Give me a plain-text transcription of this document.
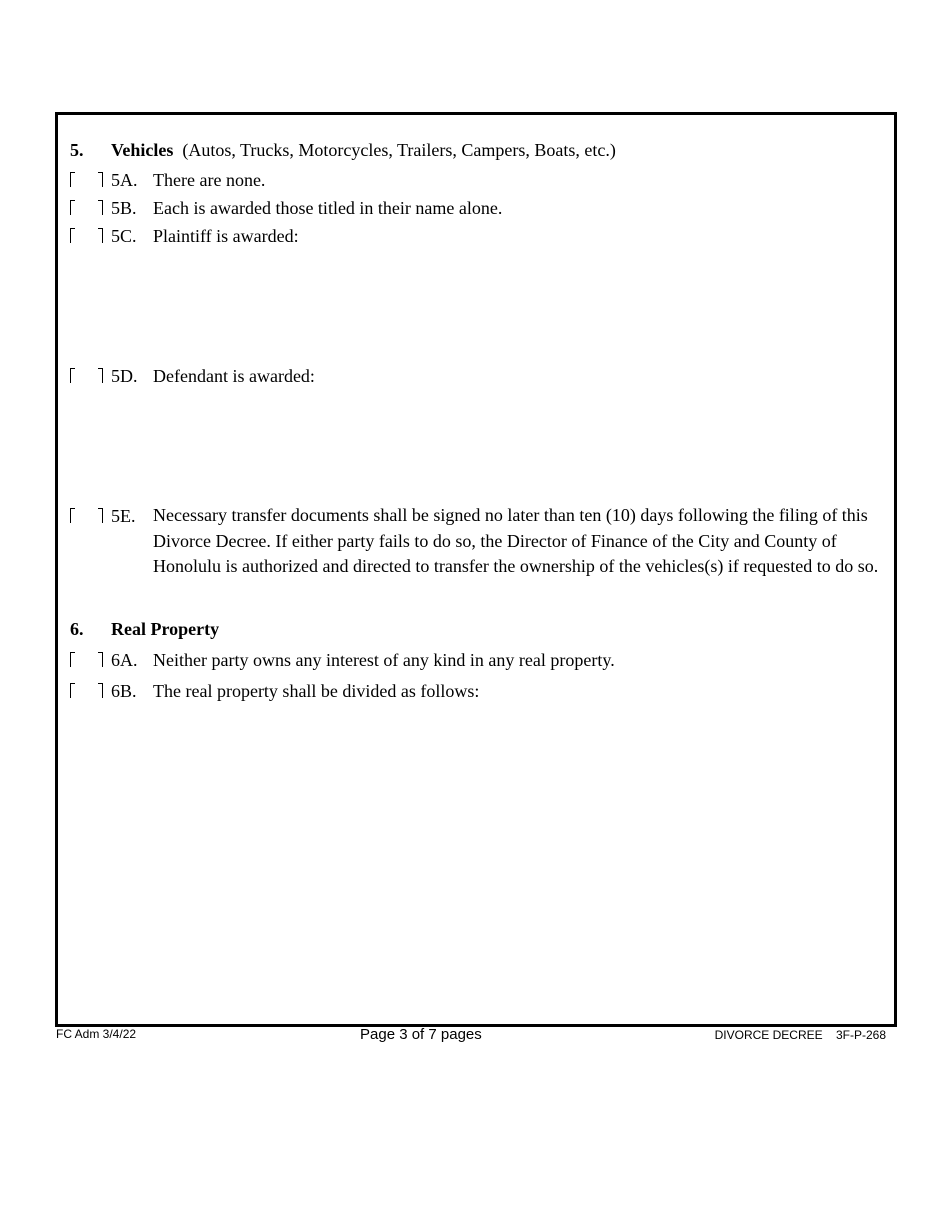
5. Vehicles (Autos, Trucks, Motorcycles, Trailers, Campers, Boats, etc.)
5A. There are none.
5B. Each is awarded those titled in their name alone.
5C. Plaintiff is awarded:
5D. Defendant is awarded:
5E. Necessary transfer documents shall be signed no later than ten (10) days following the filing of this Divorce Decree. If either party fails to do so, the Director of Finance of the City and County of Honolulu is authorized and directed to transfer the ownership of the vehicles(s) if requested to do so.
6. Real Property
6A. Neither party owns any interest of any kind in any real property.
6B. The real property shall be divided as follows:
FC Adm 3/4/22	Page 3 of 7 pages	DIVORCE DECREE    3F-P-268
